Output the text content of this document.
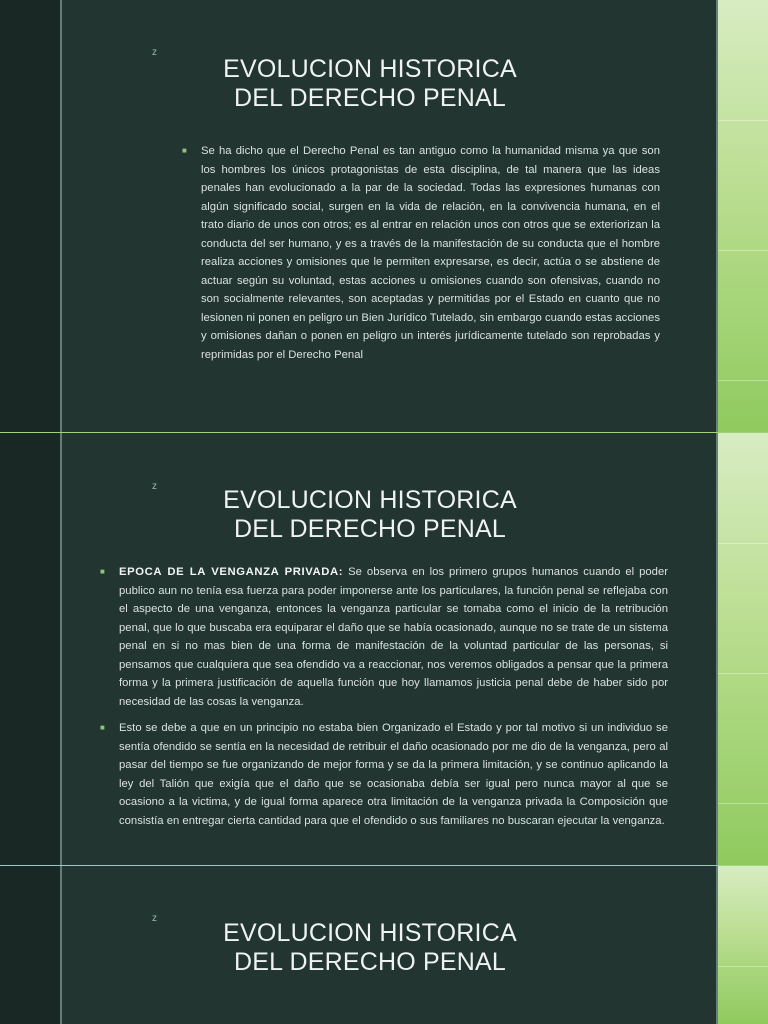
z
EVOLUCION HISTORICA DEL DERECHO PENAL
■	Se ha dicho que el Derecho Penal es tan antiguo como la humanidad misma ya que son los hombres los únicos protagonistas de esta disciplina, de tal manera que las ideas penales han evolucionado a la par de la sociedad. Todas las expresiones humanas con algún significado social, surgen en la vida de relación, en la convivencia humana, en el trato diario de unos con otros; es al entrar en relación unos con otros que se exteriorizan la conducta del ser humano, y es a través de la manifestación de su conducta que el hombre realiza acciones y omisiones que le permiten expresarse, es decir, actúa o se abstiene de actuar según su voluntad, estas acciones u omisiones cuando son ofensivas, cuando no son socialmente relevantes, son aceptadas y permitidas por el Estado en cuanto que no lesionen ni ponen en peligro un Bien Jurídico Tutelado, sin embargo cuando estas acciones y omisiones dañan o ponen en peligro un interés jurídicamente tutelado son reprobadas y reprimidas por el Derecho Penal
z	EVOLUCION HISTORICA DEL DERECHO PENAL
■	EPOCA DE LA VENGANZA PRIVADA: Se observa en los primero grupos humanos cuando el poder publico aun no tenía esa fuerza para poder imponerse ante los particulares, la función penal se reflejaba con el aspecto de una venganza, entonces la venganza particular se tomaba como el inicio de la retribución penal, que lo que buscaba era equiparar el daño que se había ocasionado, aunque no se trate de un sistema penal en si no mas bien de una forma de manifestación de la voluntad particular de las personas, si pensamos que cualquiera que sea ofendido va a reaccionar, nos veremos obligados a pensar que la primera forma y la primera justificación de aquella función que hoy llamamos justicia penal debe de haber sido por necesidad de las cosas la venganza.
■	Esto se debe a que en un principio no estaba bien Organizado el Estado y por tal motivo si un individuo se sentía ofendido se sentía en la necesidad de retribuir el daño ocasionado por me dio de la venganza, pero al pasar del tiempo se fue organizando de mejor forma y se da la primera limitación, y se continuo aplicando la ley del Talión que exigía que el daño que se ocasionaba debía ser igual pero nunca mayor al que se ocasiono a la victima, y de igual forma aparece otra limitación de la venganza privada la Composición que consistía en entregar cierta cantidad para que el ofendido o sus familiares no buscaran ejecutar la venganza.
z
EVOLUCION HISTORICA DEL DERECHO PENAL
